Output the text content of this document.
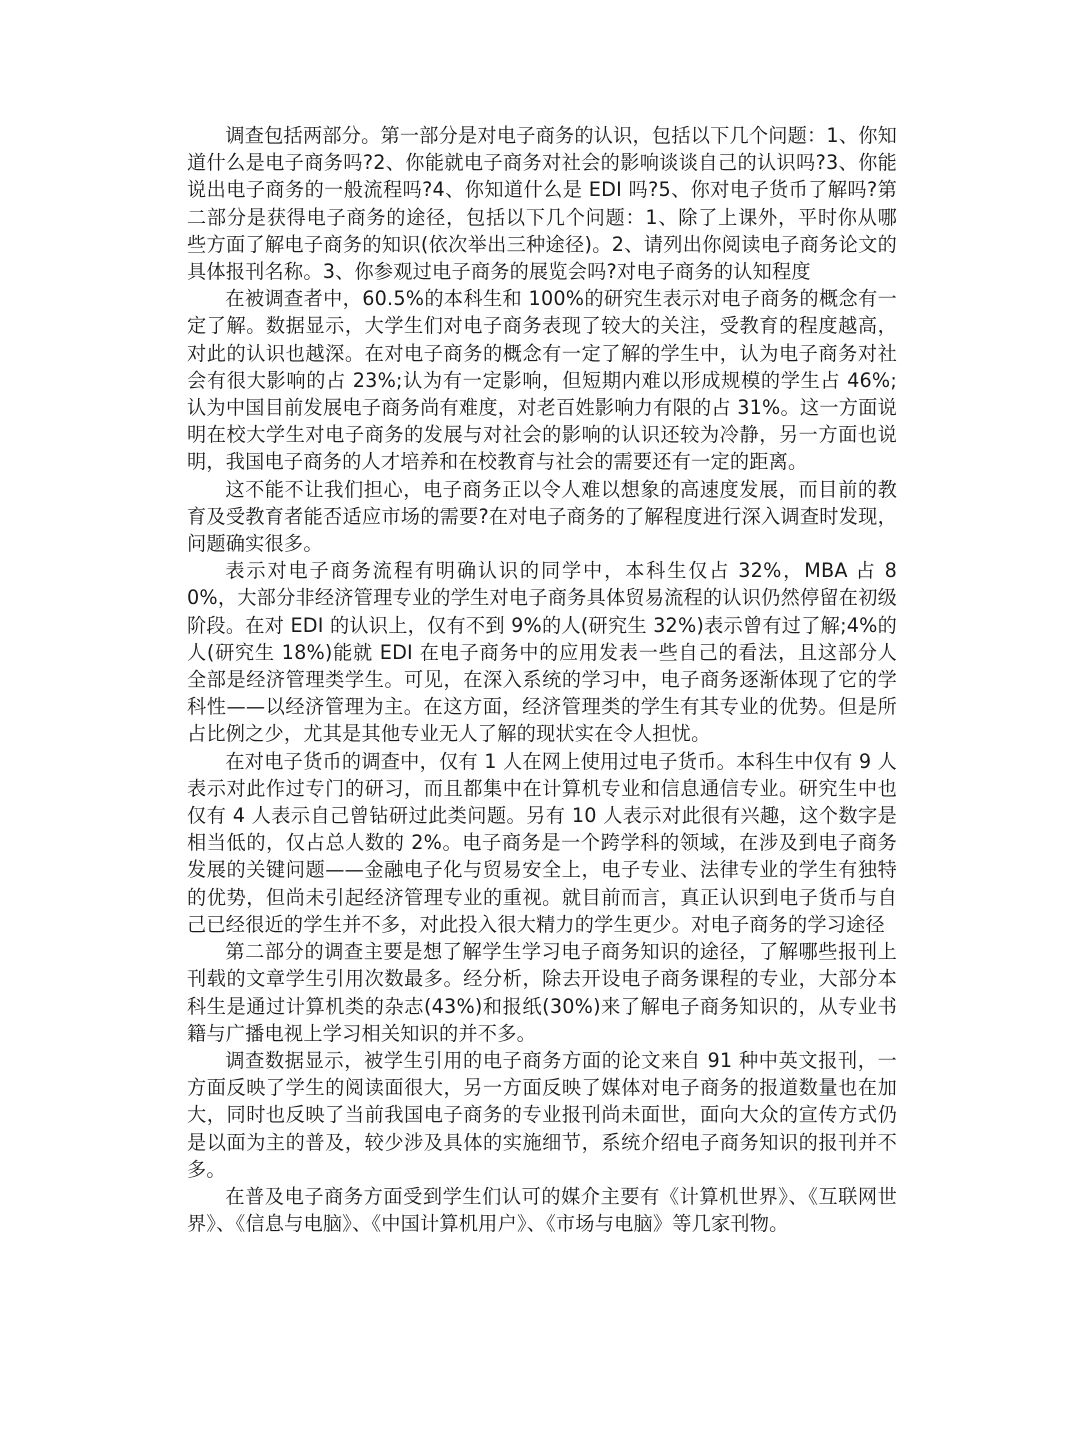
调查包括两部分。第一部分是对电子商务的认识，包括以下几个问题：1、你知道什么是电子商务吗?2、你能就电子商务对社会的影响谈谈自己的认识吗?3、你能说出电子商务的一般流程吗?4、你知道什么是 EDI 吗?5、你对电子货币了解吗?第二部分是获得电子商务的途径，包括以下几个问题：1、除了上课外，平时你从哪些方面了解电子商务的知识(依次举出三种途径)。2、请列出你阅读电子商务论文的具体报刊名称。3、你参观过电子商务的展览会吗?对电子商务的认知程度

在被调查者中，60.5%的本科生和 100%的研究生表示对电子商务的概念有一定了解。数据显示，大学生们对电子商务表现了较大的关注，受教育的程度越高，对此的认识也越深。在对电子商务的概念有一定了解的学生中，认为电子商务对社会有很大影响的占 23%;认为有一定影响，但短期内难以形成规模的学生占 46%;认为中国目前发展电子商务尚有难度，对老百姓影响力有限的占 31%。这一方面说明在校大学生对电子商务的发展与对社会的影响的认识还较为冷静，另一方面也说明，我国电子商务的人才培养和在校教育与社会的需要还有一定的距离。

这不能不让我们担心，电子商务正以令人难以想象的高速度发展，而目前的教育及受教育者能否适应市场的需要?在对电子商务的了解程度进行深入调查时发现，问题确实很多。

表示对电子商务流程有明确认识的同学中，本科生仅占 32%，MBA 占 80%，大部分非经济管理专业的学生对电子商务具体贸易流程的认识仍然停留在初级阶段。在对 EDI 的认识上，仅有不到 9%的人(研究生 32%)表示曾有过了解;4%的人(研究生 18%)能就 EDI 在电子商务中的应用发表一些自己的看法，且这部分人全部是经济管理类学生。可见，在深入系统的学习中，电子商务逐渐体现了它的学科性——以经济管理为主。在这方面，经济管理类的学生有其专业的优势。但是所占比例之少，尤其是其他专业无人了解的现状实在令人担忧。

在对电子货币的调查中，仅有 1 人在网上使用过电子货币。本科生中仅有 9 人表示对此作过专门的研习，而且都集中在计算机专业和信息通信专业。研究生中也仅有 4 人表示自己曾钻研过此类问题。另有 10 人表示对此很有兴趣，这个数字是相当低的，仅占总人数的 2%。电子商务是一个跨学科的领域，在涉及到电子商务发展的关键问题——金融电子化与贸易安全上，电子专业、法律专业的学生有独特的优势，但尚未引起经济管理专业的重视。就目前而言，真正认识到电子货币与自己已经很近的学生并不多，对此投入很大精力的学生更少。对电子商务的学习途径

第二部分的调查主要是想了解学生学习电子商务知识的途径，了解哪些报刊上刊载的文章学生引用次数最多。经分析，除去开设电子商务课程的专业，大部分本科生是通过计算机类的杂志(43%)和报纸(30%)来了解电子商务知识的，从专业书籍与广播电视上学习相关知识的并不多。

调查数据显示，被学生引用的电子商务方面的论文来自 91 种中英文报刊，一方面反映了学生的阅读面很大，另一方面反映了媒体对电子商务的报道数量也在加大，同时也反映了当前我国电子商务的专业报刊尚未面世，面向大众的宣传方式仍是以面为主的普及，较少涉及具体的实施细节，系统介绍电子商务知识的报刊并不多。

在普及电子商务方面受到学生们认可的媒介主要有《计算机世界》、《互联网世界》、《信息与电脑》、《中国计算机用户》、《市场与电脑》等几家刊物。
